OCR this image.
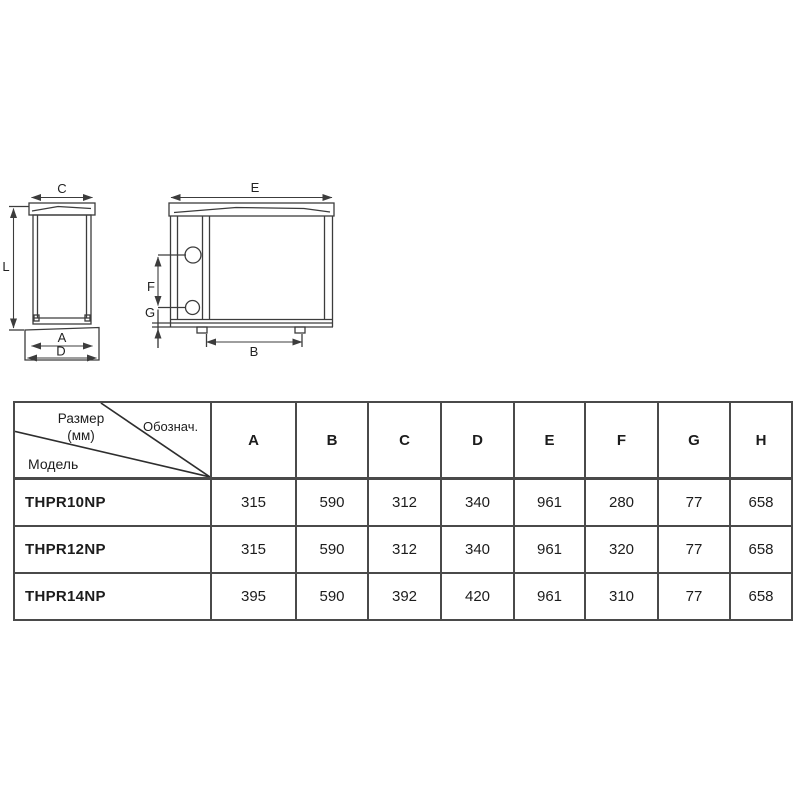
C
A
D
L
E
F
G
B
Размер
(мм)
Обознач.
Модель	A	B	C	D	E	F	G	H
THPR10NP	315	590	312	340	961	280	77	658
THPR12NP	315	590	312	340	961	320	77	658
THPR14NP	395	590	392	420	961	310	77	658
